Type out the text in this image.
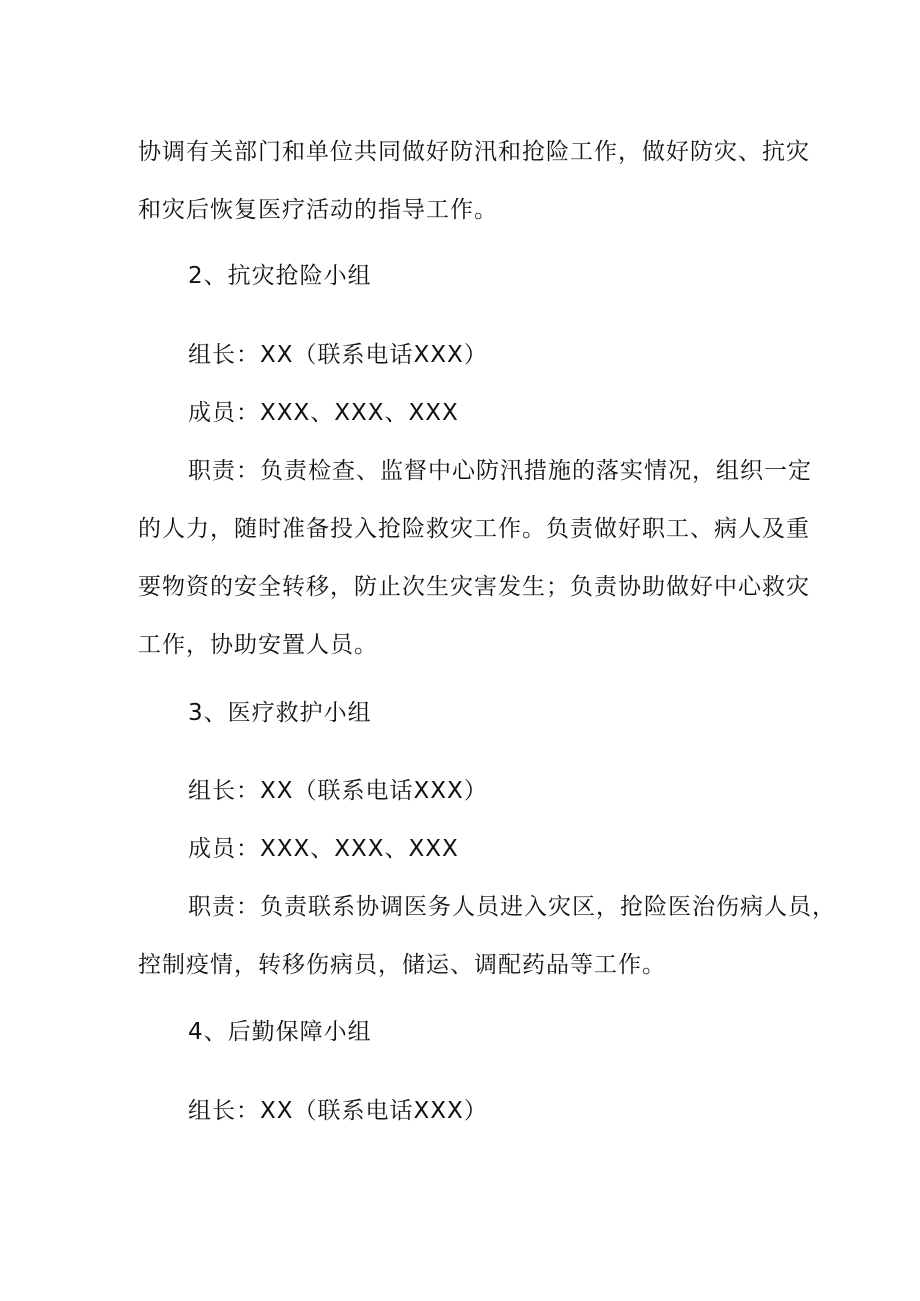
协调有关部门和单位共同做好防汛和抢险工作，做好防灾、抗灾
和灾后恢复医疗活动的指导工作。
2、抗灾抢险小组
组长：XX（联系电话XXX）
成员：XXX、XXX、XXX
职责：负责检查、监督中心防汛措施的落实情况，组织一定
的人力，随时准备投入抢险救灾工作。负责做好职工、病人及重
要物资的安全转移，防止次生灾害发生；负责协助做好中心救灾
工作，协助安置人员。
3、医疗救护小组
组长：XX（联系电话XXX）
成员：XXX、XXX、XXX
职责：负责联系协调医务人员进入灾区，抢险医治伤病人员，
控制疫情，转移伤病员，储运、调配药品等工作。
4、后勤保障小组
组长：XX（联系电话XXX）
